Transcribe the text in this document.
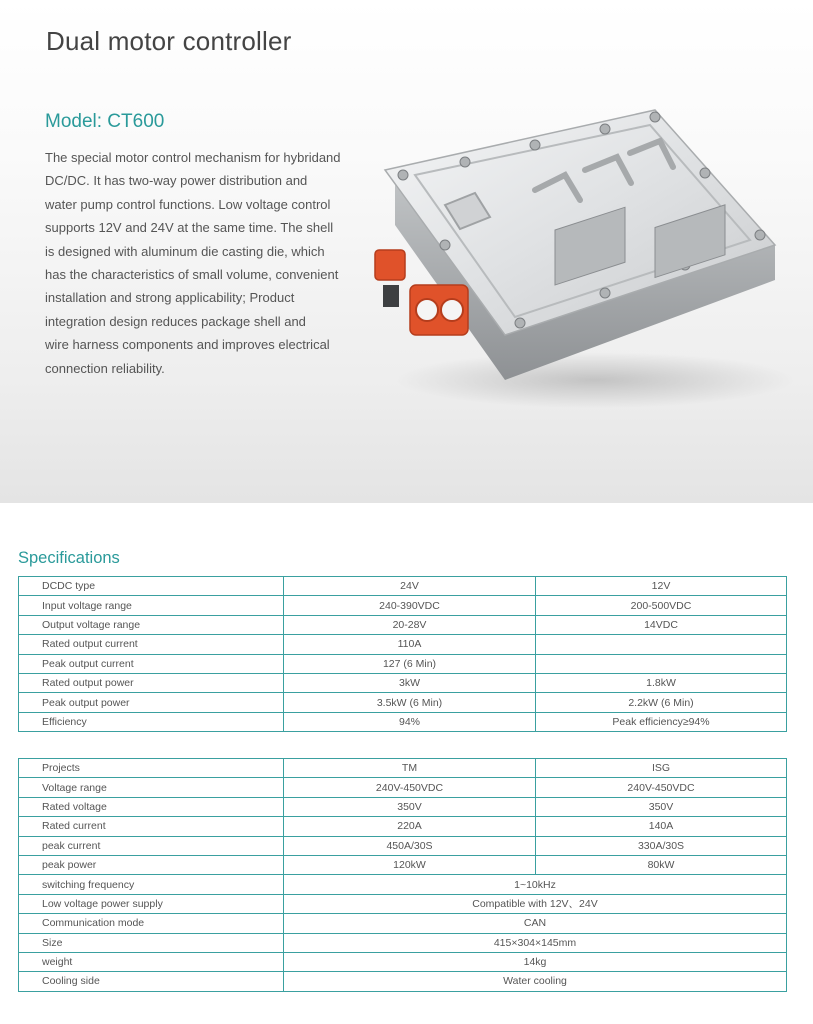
Dual motor controller
Model: CT600
The special motor control mechanism for hybridand
DC/DC. It has two-way power distribution and
water pump control functions. Low voltage control
supports 12V and 24V at the same time. The shell
is designed with aluminum die casting die, which
has the characteristics of small volume, convenient
installation and strong applicability; Product
integration design reduces package shell and
wire harness components and improves electrical
connection reliability.
Specifications
DCDC type	24V	12V
Input voltage range	240-390VDC	200-500VDC
Output voltage range	20-28V	14VDC
Rated output current	110A	
Peak output current	127 (6 Min)	
Rated output power	3kW	1.8kW
Peak output power	3.5kW (6 Min)	2.2kW (6 Min)
Efficiency	94%	Peak efficiency≥94%
Projects	TM	ISG
Voltage range	240V-450VDC	240V-450VDC
Rated voltage	350V	350V
Rated current	220A	140A
peak current	450A/30S	330A/30S
peak power	120kW	80kW
switching frequency	1~10kHz	
Low voltage power supply	Compatible with 12V、24V	
Communication mode	CAN	
Size	415×304×145mm	
weight	14kg	
Cooling side	Water cooling	
